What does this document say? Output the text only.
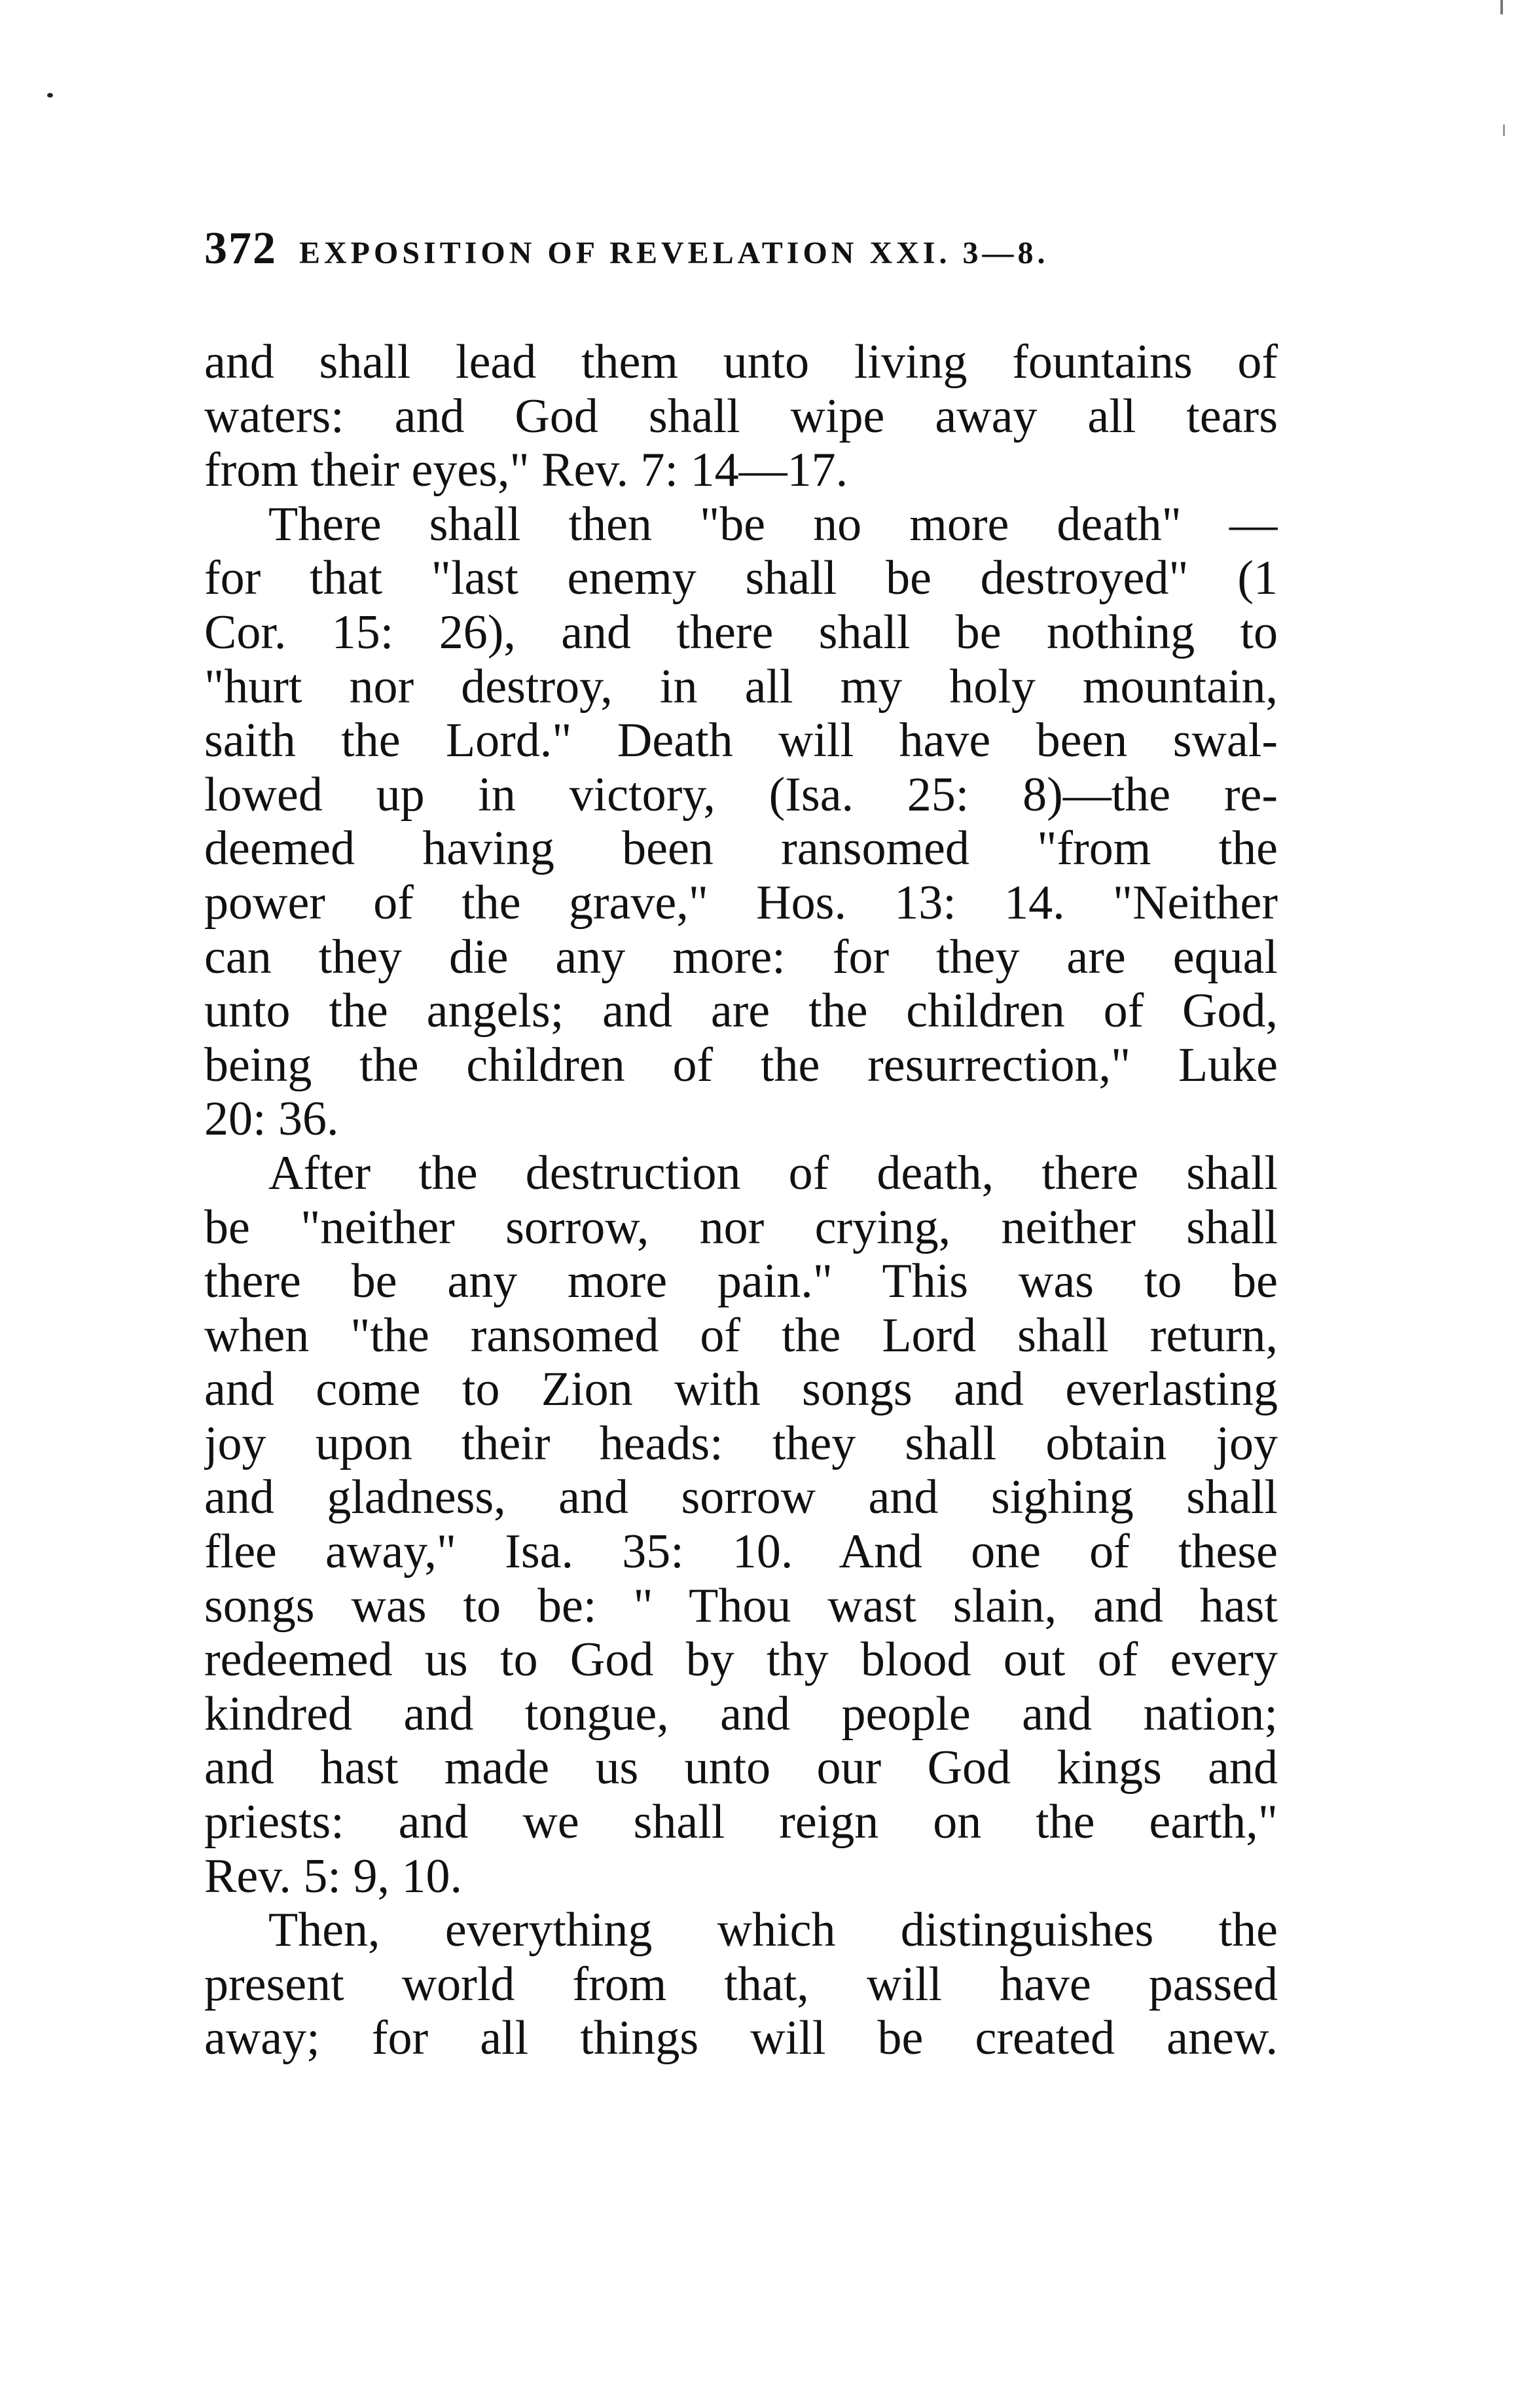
372 EXPOSITION OF REVELATION XXI. 3—8.
and shall lead them unto living fountains of
waters: and God shall wipe away all tears
from their eyes," Rev. 7: 14—17.
There shall then "be no more death" —
for that "last enemy shall be destroyed" (1
Cor. 15: 26), and there shall be nothing to
"hurt nor destroy, in all my holy mountain,
saith the Lord." Death will have been swal-
lowed up in victory, (Isa. 25: 8)—the re-
deemed having been ransomed "from the
power of the grave," Hos. 13: 14. "Neither
can they die any more: for they are equal
unto the angels; and are the children of God,
being the children of the resurrection," Luke
20: 36.
After the destruction of death, there shall
be "neither sorrow, nor crying, neither shall
there be any more pain." This was to be
when "the ransomed of the Lord shall return,
and come to Zion with songs and everlasting
joy upon their heads: they shall obtain joy
and gladness, and sorrow and sighing shall
flee away," Isa. 35: 10. And one of these
songs was to be: " Thou wast slain, and hast
redeemed us to God by thy blood out of every
kindred and tongue, and people and nation;
and hast made us unto our God kings and
priests: and we shall reign on the earth,"
Rev. 5: 9, 10.
Then, everything which distinguishes the
present world from that, will have passed
away; for all things will be created anew.
